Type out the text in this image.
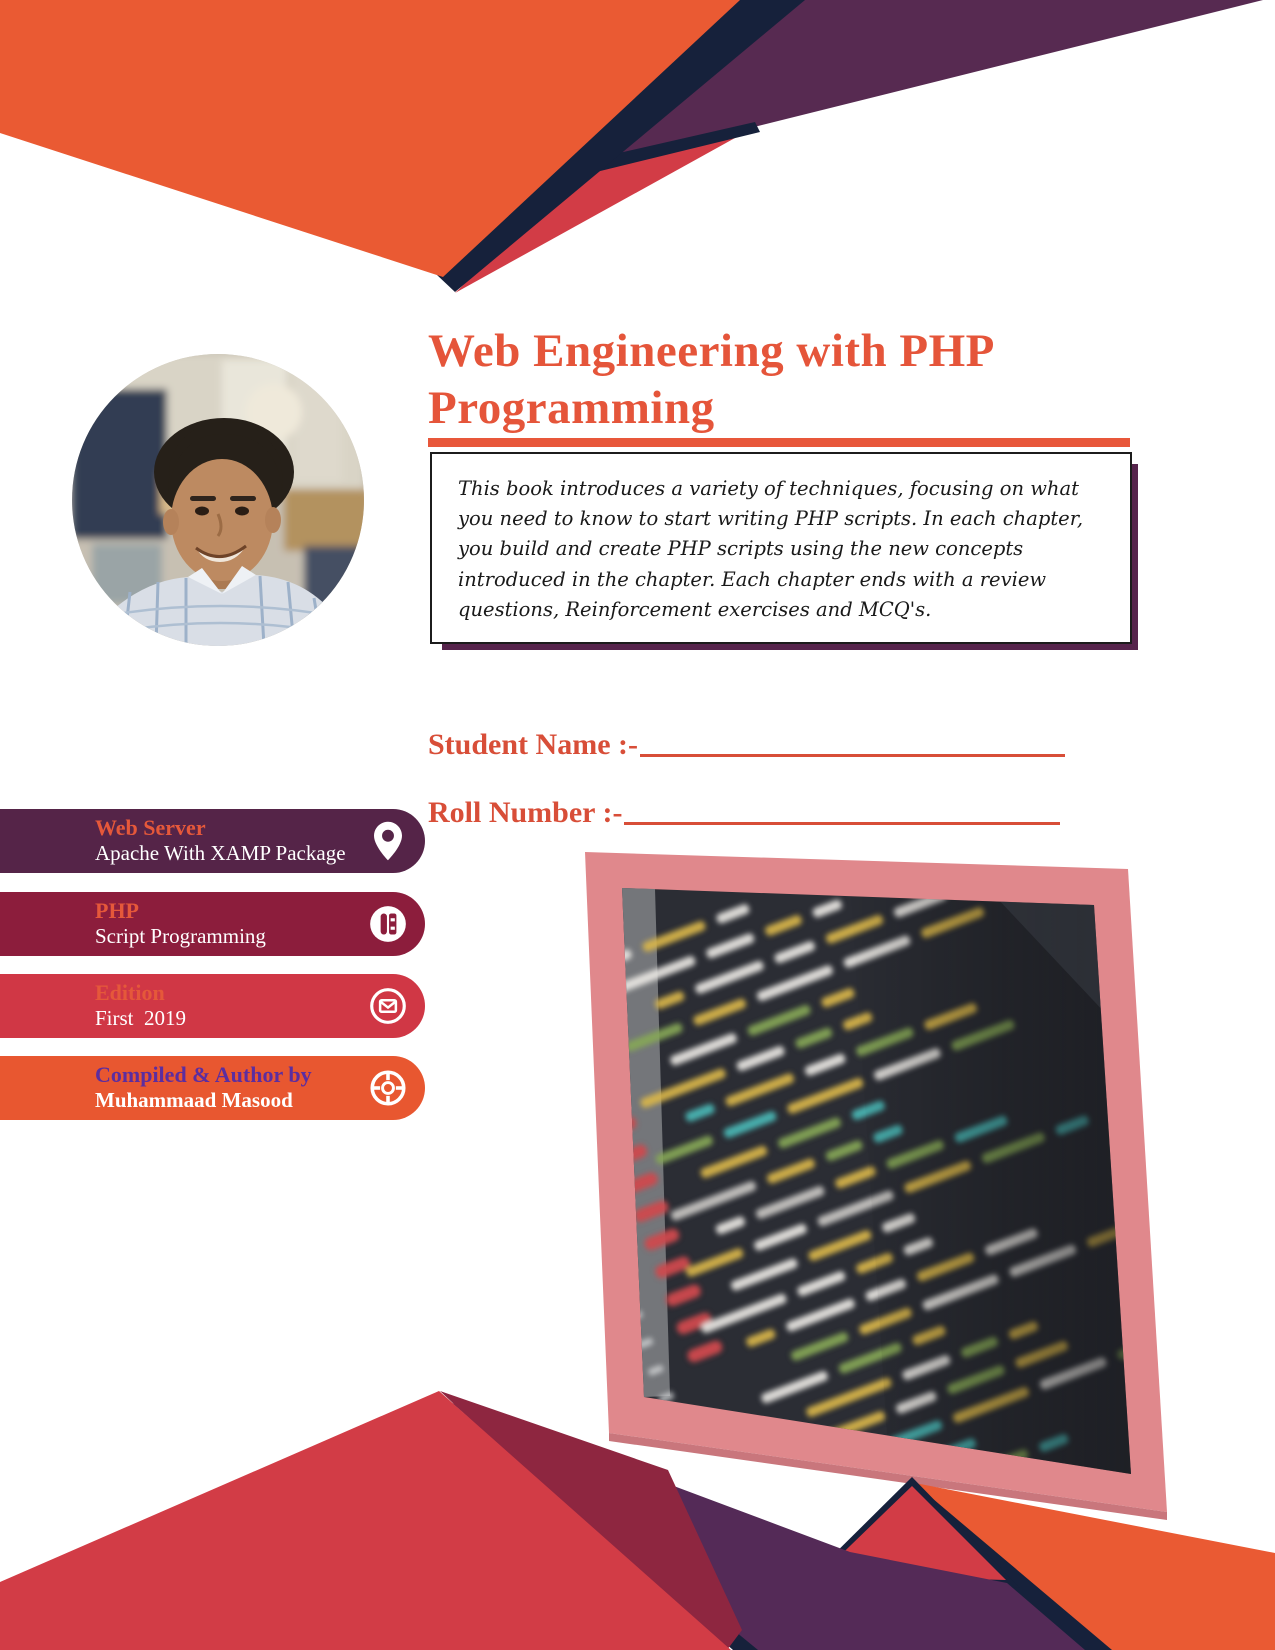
Web Engineering with PHP Programming
This book introduces a variety of techniques, focusing on what you need to know to start writing PHP scripts. In each chapter, you build and create PHP scripts using the new concepts introduced in the chapter. Each chapter ends with a review questions, Reinforcement exercises and MCQ's.
Student Name :-
Roll Number :-
Web Server
Apache With XAMP Package
PHP
Script Programming
Edition
First  2019
Compiled & Author by
Muhammaad Masood
